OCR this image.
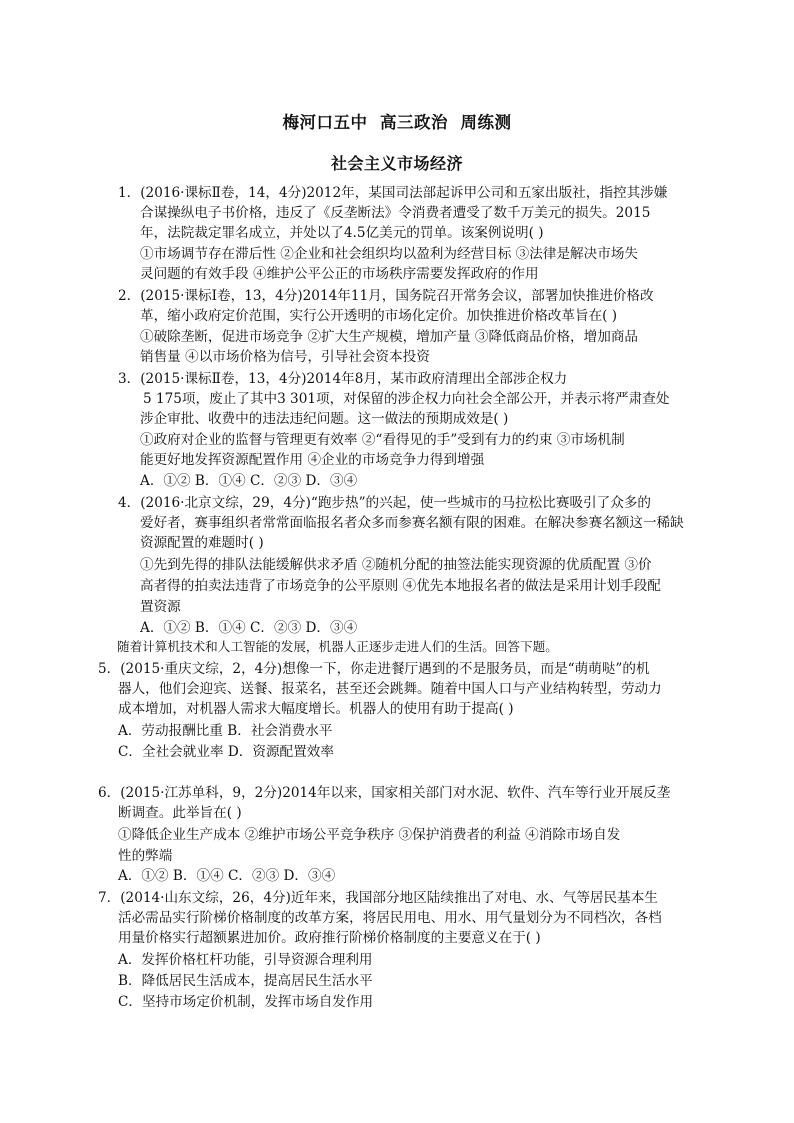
梅河口五中  高三政治  周练测
社会主义市场经济
1．(2016·课标Ⅱ卷，14，4分)2012年，某国司法部起诉甲公司和五家出版社，指控其涉嫌
合谋操纵电子书价格，违反了《反垄断法》令消费者遭受了数千万美元的损失。2015
年，法院裁定罪名成立，并处以了4.5亿美元的罚单。该案例说明( )
①市场调节存在滞后性 ②企业和社会组织均以盈利为经营目标 ③法律是解决市场失
灵问题的有效手段 ④维护公平公正的市场秩序需要发挥政府的作用
2．(2015·课标Ⅰ卷，13，4分)2014年11月，国务院召开常务会议，部署加快推进价格改
革，缩小政府定价范围，实行公开透明的市场化定价。加快推进价格改革旨在( )
①破除垄断，促进市场竞争 ②扩大生产规模，增加产量 ③降低商品价格，增加商品
销售量 ④以市场价格为信号，引导社会资本投资
3．(2015·课标Ⅱ卷，13，4分)2014年8月，某市政府清理出全部涉企权力
5 175项，废止了其中3 301项，对保留的涉企权力向社会全部公开，并表示将严肃查处
涉企审批、收费中的违法违纪问题。这一做法的预期成效是( )
①政府对企业的监督与管理更有效率 ②“看得见的手”受到有力的约束 ③市场机制
能更好地发挥资源配置作用 ④企业的市场竞争力得到增强
A．①② B．①④ C．②③ D．③④
4．(2016·北京文综，29，4分)“跑步热”的兴起，使一些城市的马拉松比赛吸引了众多的
爱好者，赛事组织者常常面临报名者众多而参赛名额有限的困难。在解决参赛名额这一稀缺
资源配置的难题时( )
①先到先得的排队法能缓解供求矛盾 ②随机分配的抽签法能实现资源的优质配置 ③价
高者得的拍卖法违背了市场竞争的公平原则 ④优先本地报名者的做法是采用计划手段配
置资源
A．①② B．①④ C．②③ D．③④
随着计算机技术和人工智能的发展，机器人正逐步走进人们的生活。回答下题。
5．(2015·重庆文综，2，4分)想像一下，你走进餐厅遇到的不是服务员，而是“萌萌哒”的机
器人，他们会迎宾、送餐、报菜名，甚至还会跳舞。随着中国人口与产业结构转型，劳动力
成本增加，对机器人需求大幅度增长。机器人的使用有助于提高( )
A．劳动报酬比重 B．社会消费水平
C．全社会就业率 D．资源配置效率
6．(2015·江苏单科，9，2分)2014年以来，国家相关部门对水泥、软件、汽车等行业开展反垄
断调查。此举旨在( )
①降低企业生产成本 ②维护市场公平竞争秩序 ③保护消费者的利益 ④消除市场自发
性的弊端
A．①② B．①④ C．②③ D．③④
7．(2014·山东文综，26，4分)近年来，我国部分地区陆续推出了对电、水、气等居民基本生
活必需品实行阶梯价格制度的改革方案，将居民用电、用水、用气量划分为不同档次，各档
用量价格实行超额累进加价。政府推行阶梯价格制度的主要意义在于( )
A．发挥价格杠杆功能，引导资源合理利用
B．降低居民生活成本，提高居民生活水平
C．坚持市场定价机制，发挥市场自发作用
